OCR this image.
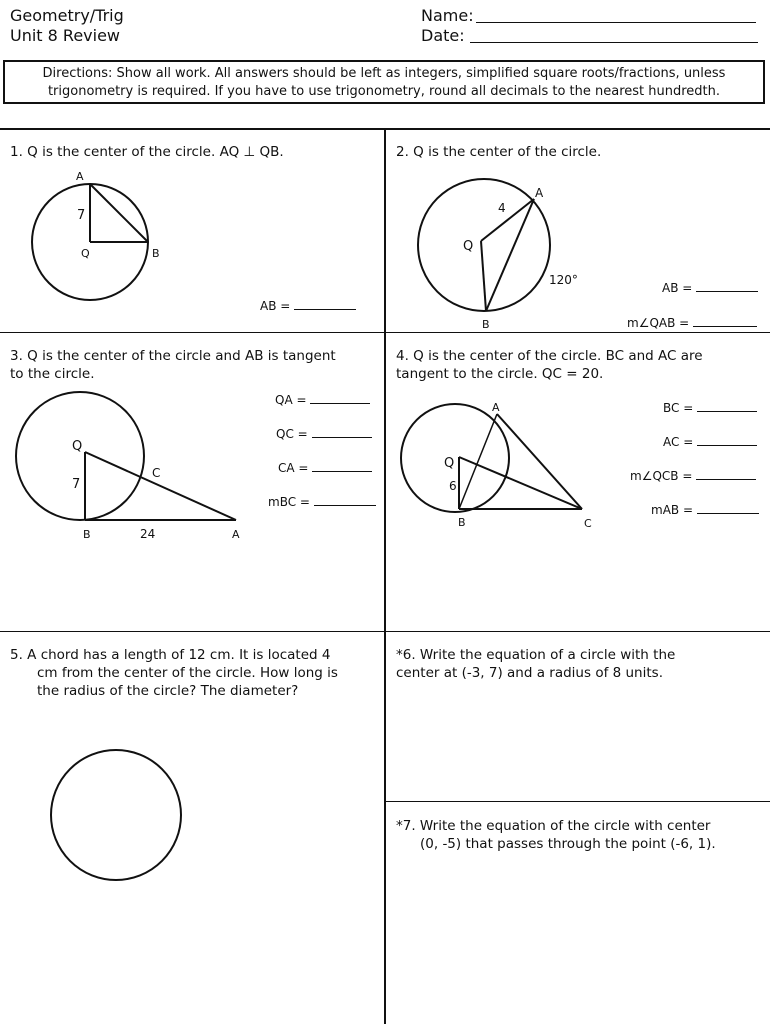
Geometry/Trig
Unit 8 Review
Name:
Date:
Directions: Show all work. All answers should be left as integers, simplified square roots/fractions, unless
trigonometry is required. If you have to use trigonometry, round all decimals to the nearest hundredth.
1. Q is the center of the circle. AQ ⊥ QB.
A
7
Q	B
AB =
2. Q is the center of the circle.
A
4
Q
120°
B
AB =
m∠QAB =
3. Q is the center of the circle and AB is tangent
to the circle.
Q
C
7
B	24	A
QA =
QC =
CA =
mBC =
4. Q is the center of the circle. BC and AC are
tangent to the circle. QC = 20.
A
Q
6
B	C
BC =
AC =
m∠QCB =
mAB =
5. A chord has a length of 12 cm. It is located 4
cm from the center of the circle. How long is
the radius of the circle? The diameter?
*6. Write the equation of a circle with the
center at (-3, 7) and a radius of 8 units.
*7. Write the equation of the circle with center
(0, -5) that passes through the point (-6, 1).
